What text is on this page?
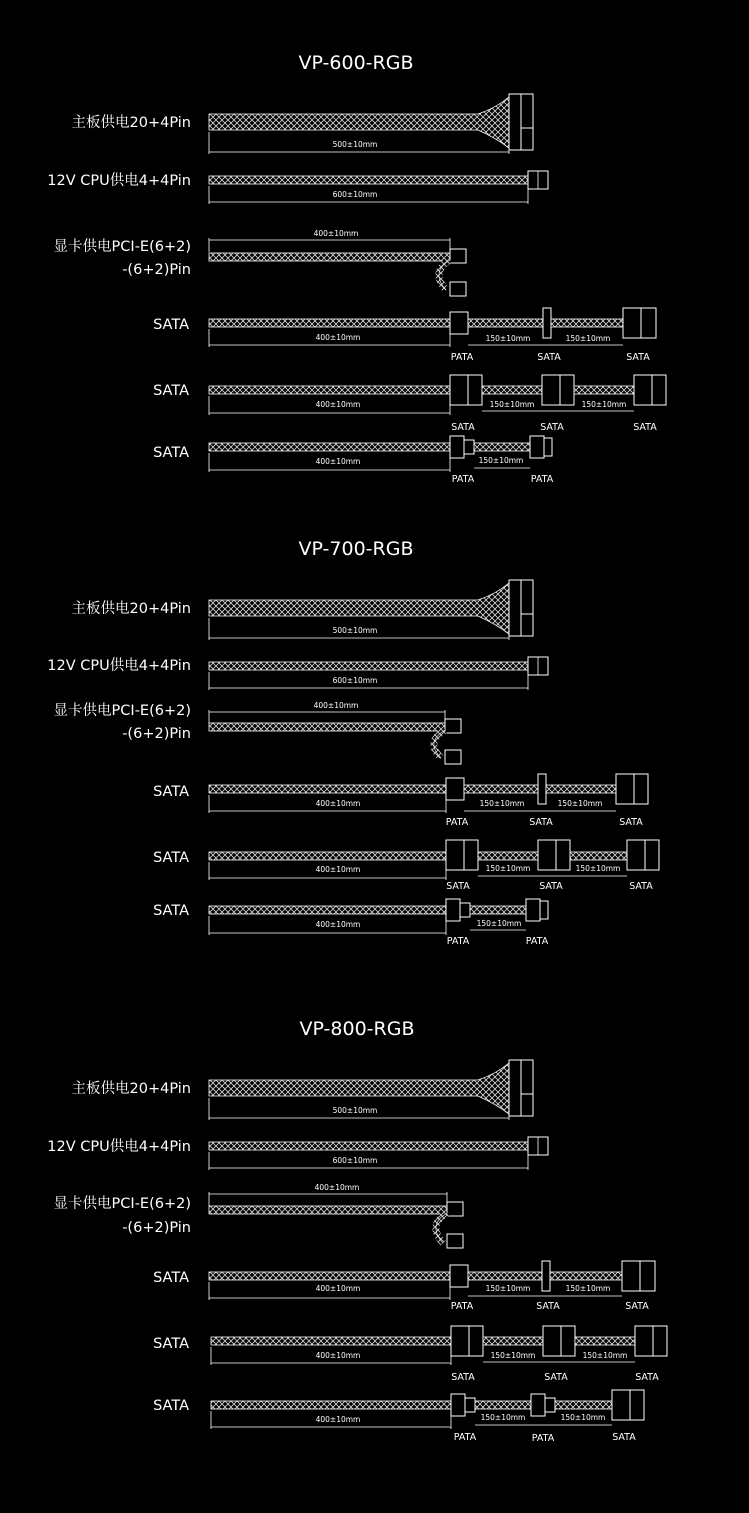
VP-600-RGB
主板供电20+4Pin
500±10mm
12V CPU供电4+4Pin
600±10mm
显卡供电PCI-E(6+2)
-(6+2)Pin
400±10mm
SATA
400±10mm	150±10mm	150±10mm
PATA	SATA	SATA
SATA
400±10mm	150±10mm	150±10mm
SATA	SATA	SATA
SATA
400±10mm	150±10mm
PATA	PATA
VP-700-RGB
主板供电20+4Pin
500±10mm
12V CPU供电4+4Pin
600±10mm
显卡供电PCI-E(6+2)
-(6+2)Pin
400±10mm
SATA
400±10mm	150±10mm	150±10mm
PATA	SATA	SATA
SATA
400±10mm	150±10mm	150±10mm
SATA	SATA	SATA
SATA
400±10mm	150±10mm
PATA	PATA
VP-800-RGB
主板供电20+4Pin
500±10mm
12V CPU供电4+4Pin
600±10mm
显卡供电PCI-E(6+2)
-(6+2)Pin
400±10mm
SATA
400±10mm	150±10mm	150±10mm
PATA	SATA	SATA
SATA
400±10mm	150±10mm	150±10mm
SATA	SATA	SATA
SATA
400±10mm	150±10mm	150±10mm
PATA	PATA	SATA
